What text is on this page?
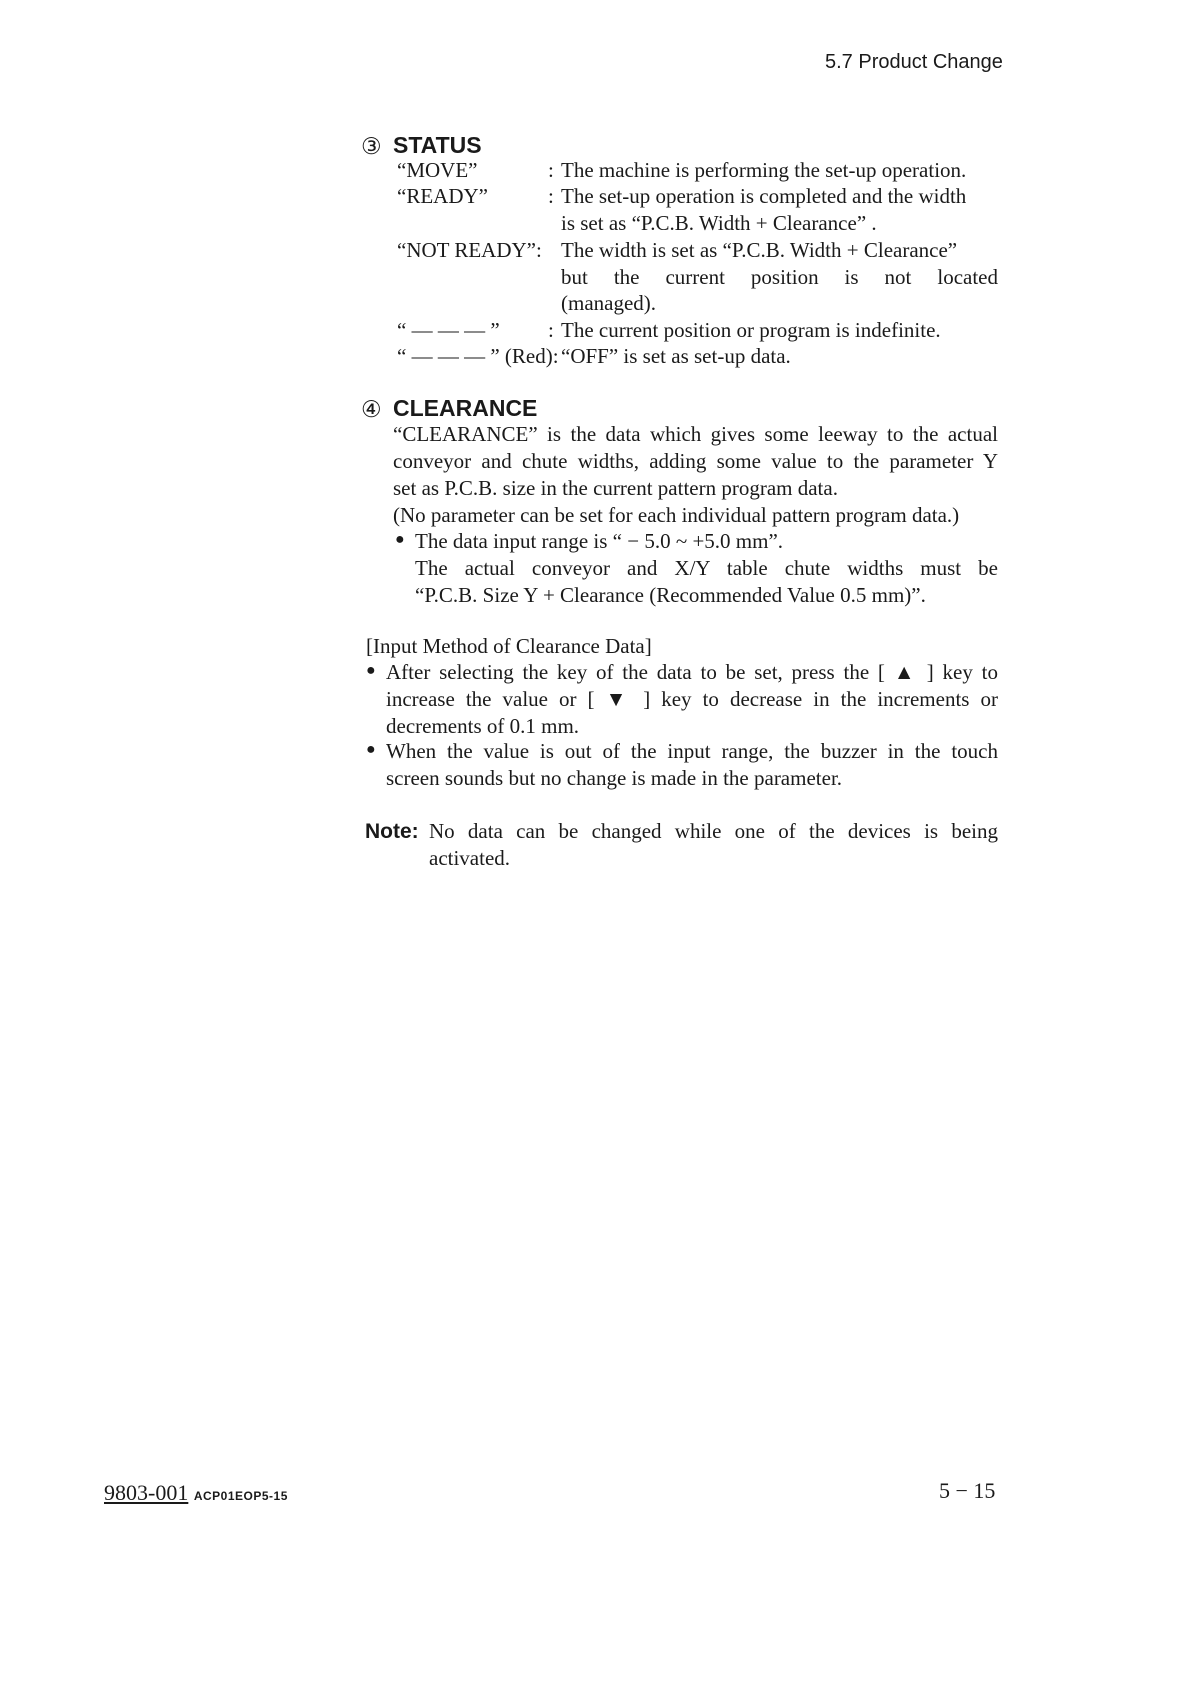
5.7 Product Change
③ STATUS
“MOVE”	: The machine is performing the set-up operation.
“READY”	: The set-up operation is completed and the width
is set as “P.C.B. Width + Clearance” .
“NOT READY”: The width is set as “P.C.B. Width + Clearance”
but the current position is not located
(managed).
“ — — — ” : The current position or program is indefinite.
“ — — — ” (Red): “OFF” is set as set-up data.
④ CLEARANCE
“CLEARANCE” is the data which gives some leeway to the actual
conveyor and chute widths, adding some value to the parameter Y
set as P.C.B. size in the current pattern program data.
(No parameter can be set for each individual pattern program data.)
● The data input range is “ − 5.0 ~ +5.0 mm”.
The actual conveyor and X/Y table chute widths must be
“P.C.B. Size Y + Clearance (Recommended Value 0.5 mm)”.
[Input Method of Clearance Data]
● After selecting the key of the data to be set, press the [ ▲ ] key to
increase the value or [ ▼ ] key to decrease in the increments or
decrements of 0.1 mm.
● When the value is out of the input range, the buzzer in the touch
screen sounds but no change is made in the parameter.
Note: No data can be changed while one of the devices is being
activated.
9803-001 ACP01EOP5-15	5 − 15
